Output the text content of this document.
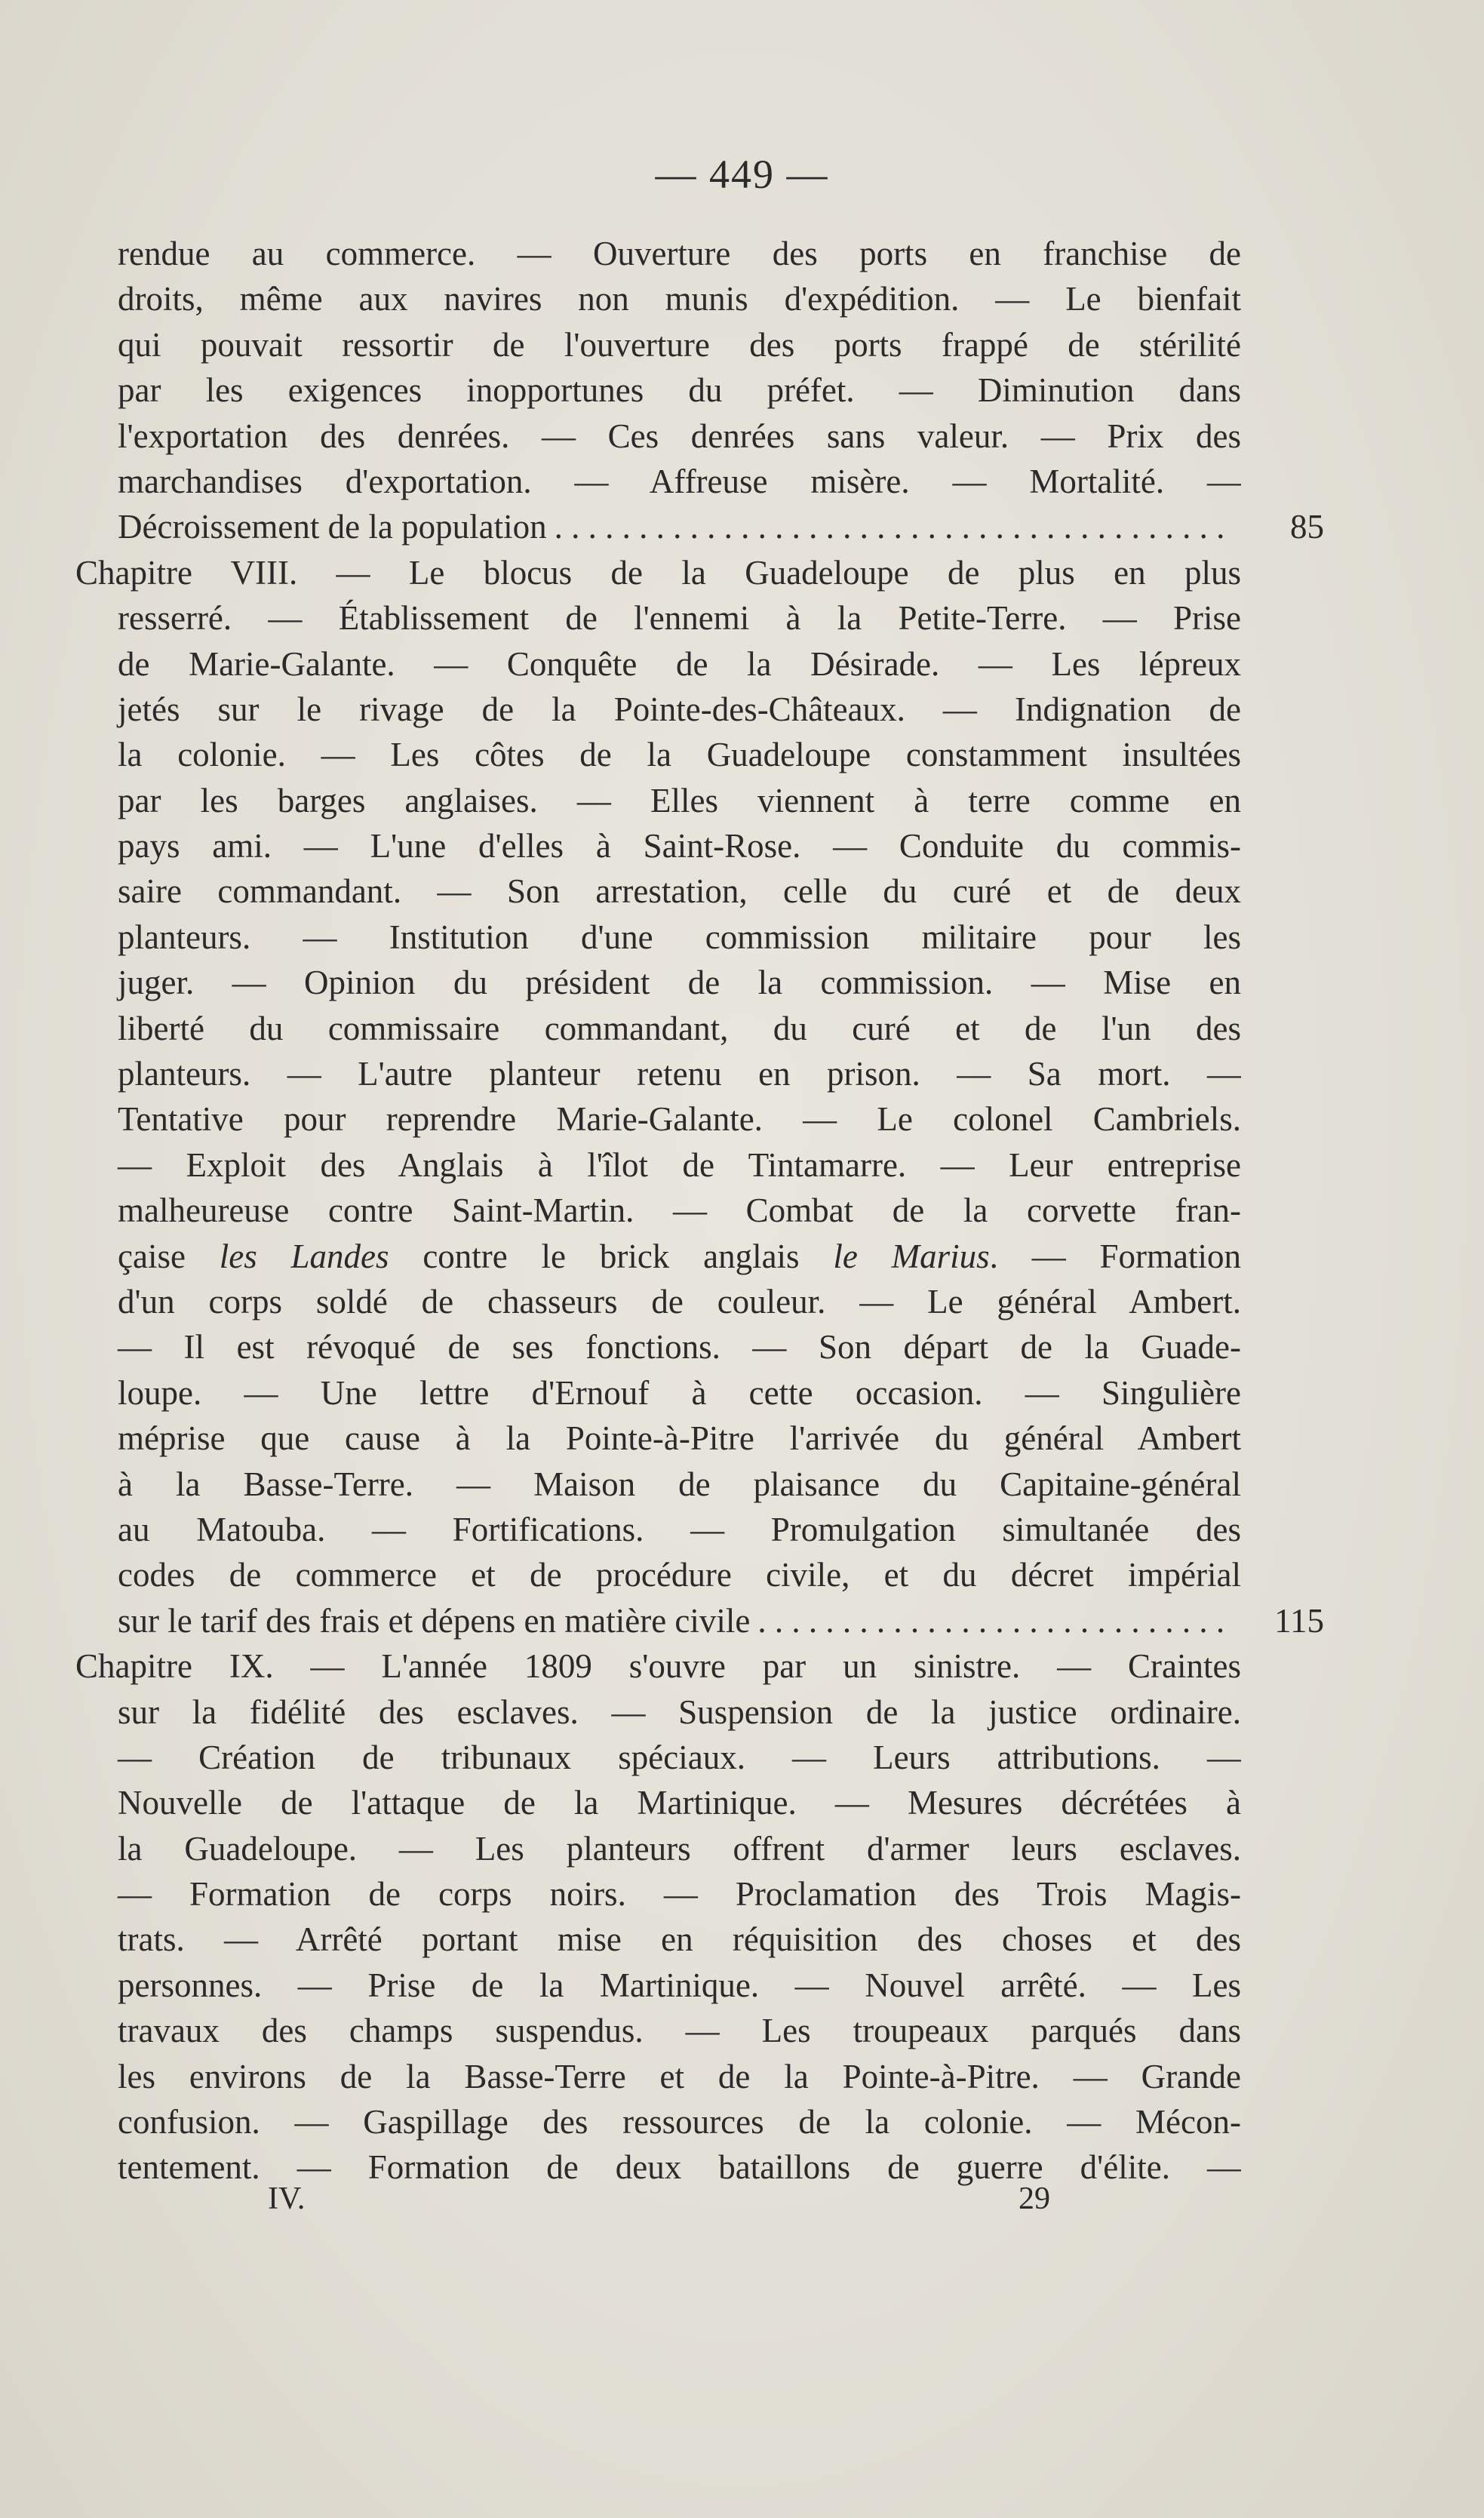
— 449 —
rendue au commerce. — Ouverture des ports en franchise de
droits, même aux navires non munis d'expédition. — Le bienfait
qui pouvait ressortir de l'ouverture des ports frappé de stérilité
par les exigences inopportunes du préfet. — Diminution dans
l'exportation des denrées. — Ces denrées sans valeur. — Prix des
marchandises d'exportation. — Affreuse misère. — Mortalité. —
Décroissement de la population . . .	85
Chapitre VIII. — Le blocus de la Guadeloupe de plus en plus
resserré. — Établissement de l'ennemi à la Petite-Terre. — Prise
de Marie-Galante. — Conquête de la Désirade. — Les lépreux
jetés sur le rivage de la Pointe-des-Châteaux. — Indignation de
la colonie. — Les côtes de la Guadeloupe constamment insultées
par les barges anglaises. — Elles viennent à terre comme en
pays ami. — L'une d'elles à Saint-Rose. — Conduite du commis-
saire commandant. — Son arrestation, celle du curé et de deux
planteurs. — Institution d'une commission militaire pour les
juger. — Opinion du président de la commission. — Mise en
liberté du commissaire commandant, du curé et de l'un des
planteurs. — L'autre planteur retenu en prison. — Sa mort. —
Tentative pour reprendre Marie-Galante. — Le colonel Cambriels.
— Exploit des Anglais à l'îlot de Tintamarre. — Leur entreprise
malheureuse contre Saint-Martin. — Combat de la corvette fran-
çaise les Landes contre le brick anglais le Marius. — Formation
d'un corps soldé de chasseurs de couleur. — Le général Ambert.
— Il est révoqué de ses fonctions. — Son départ de la Guade-
loupe. — Une lettre d'Ernouf à cette occasion. — Singulière
méprise que cause à la Pointe-à-Pitre l'arrivée du général Ambert
à la Basse-Terre. — Maison de plaisance du Capitaine-général
au Matouba. — Fortifications. — Promulgation simultanée des
codes de commerce et de procédure civile, et du décret impérial
sur le tarif des frais et dépens en matière civile . . .	115
Chapitre IX. — L'année 1809 s'ouvre par un sinistre. — Craintes
sur la fidélité des esclaves. — Suspension de la justice ordinaire.
— Création de tribunaux spéciaux. — Leurs attributions. —
Nouvelle de l'attaque de la Martinique. — Mesures décrétées à
la Guadeloupe. — Les planteurs offrent d'armer leurs esclaves.
— Formation de corps noirs. — Proclamation des Trois Magis-
trats. — Arrêté portant mise en réquisition des choses et des
personnes. — Prise de la Martinique. — Nouvel arrêté. — Les
travaux des champs suspendus. — Les troupeaux parqués dans
les environs de la Basse-Terre et de la Pointe-à-Pitre. — Grande
confusion. — Gaspillage des ressources de la colonie. — Mécon-
tentement. — Formation de deux bataillons de guerre d'élite. —
IV.	29
